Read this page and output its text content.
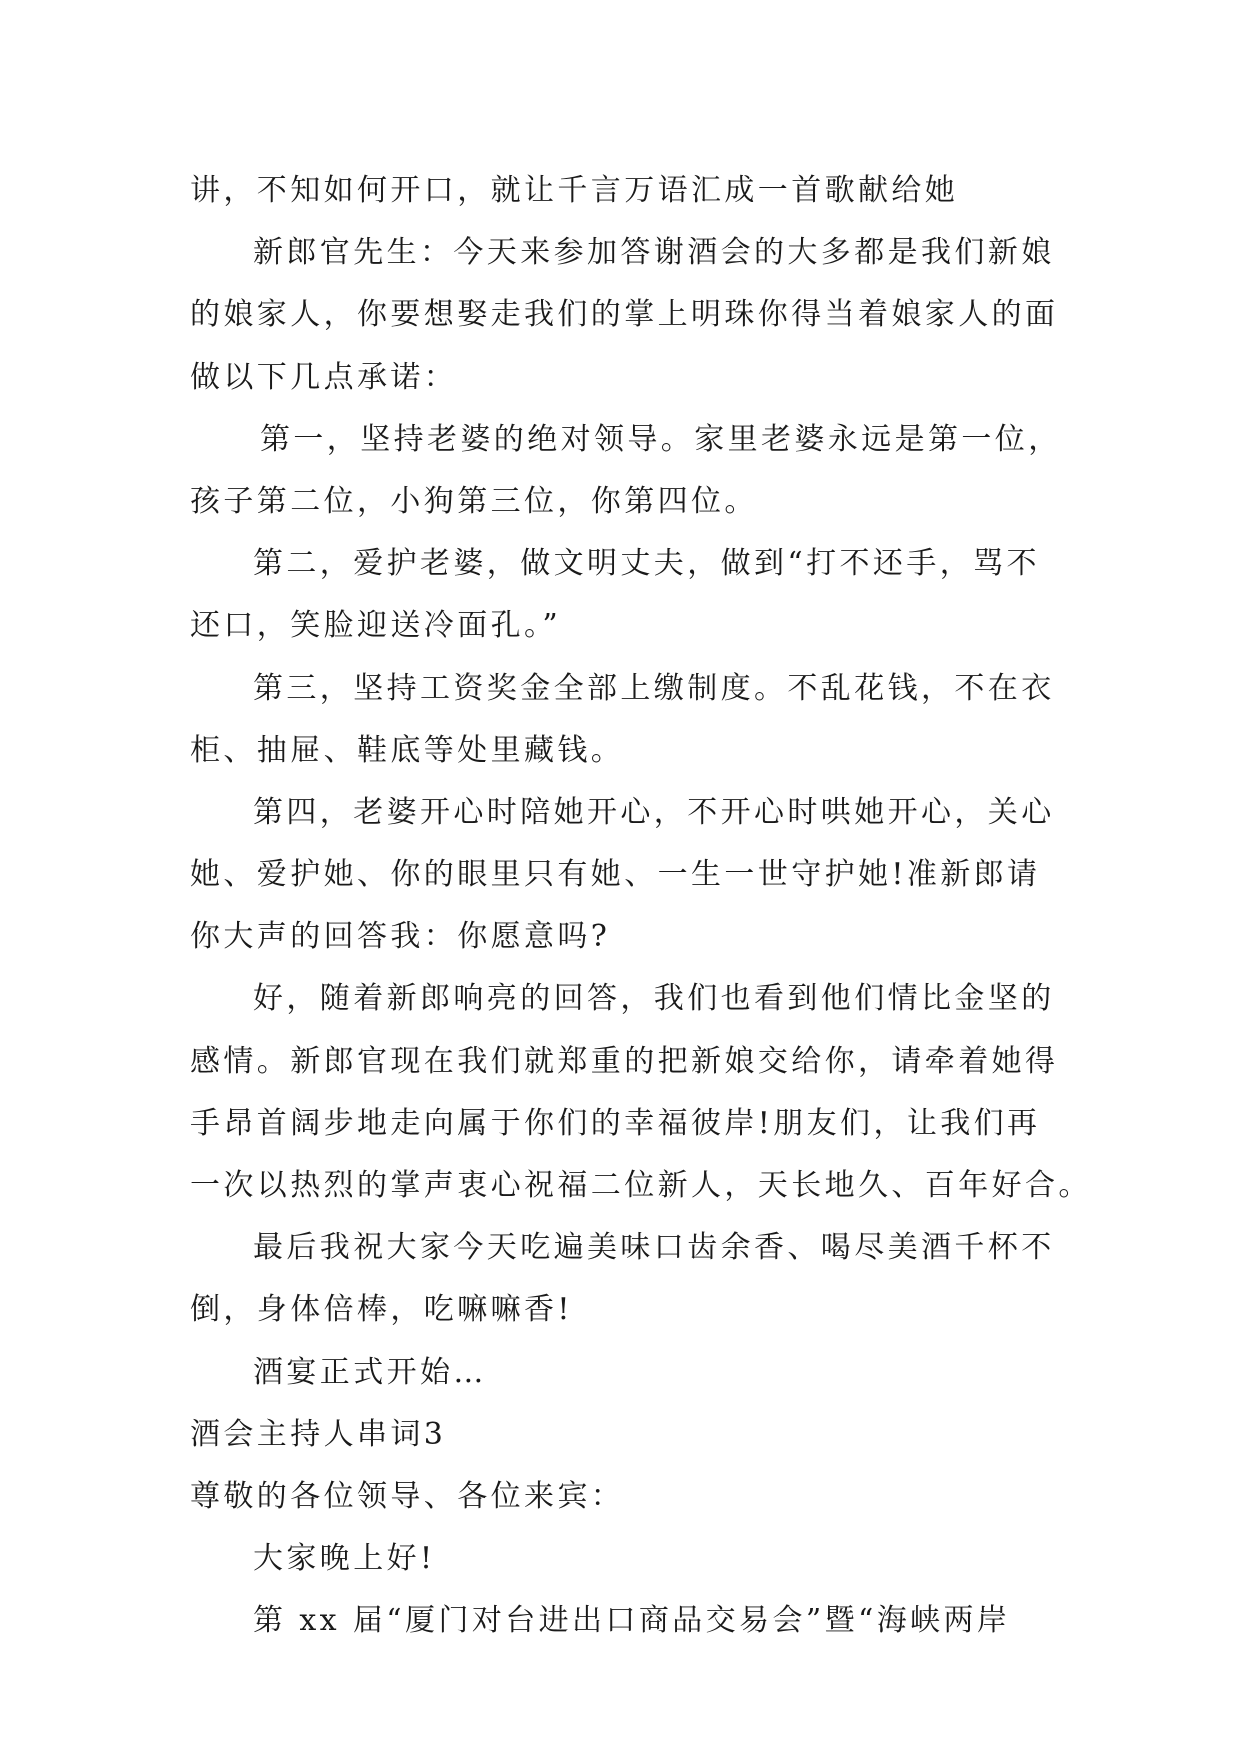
讲，不知如何开口，就让千言万语汇成一首歌献给她
新郎官先生：今天来参加答谢酒会的大多都是我们新娘
的娘家人，你要想娶走我们的掌上明珠你得当着娘家人的面
做以下几点承诺：
第一，坚持老婆的绝对领导。家里老婆永远是第一位，
孩子第二位，小狗第三位，你第四位。
第二，爱护老婆，做文明丈夫，做到“打不还手，骂不
还口，笑脸迎送冷面孔。”
第三，坚持工资奖金全部上缴制度。不乱花钱，不在衣
柜、抽屉、鞋底等处里藏钱。
第四，老婆开心时陪她开心，不开心时哄她开心，关心
她、爱护她、你的眼里只有她、一生一世守护她!准新郎请
你大声的回答我：你愿意吗?
好，随着新郎响亮的回答，我们也看到他们情比金坚的
感情。新郎官现在我们就郑重的把新娘交给你，请牵着她得
手昂首阔步地走向属于你们的幸福彼岸!朋友们，让我们再
一次以热烈的掌声衷心祝福二位新人，天长地久、百年好合。
最后我祝大家今天吃遍美味口齿余香、喝尽美酒千杯不
倒，身体倍棒，吃嘛嘛香!
酒宴正式开始…
酒会主持人串词3
尊敬的各位领导、各位来宾：
大家晚上好!
第 xx 届“厦门对台进出口商品交易会”暨“海峡两岸
